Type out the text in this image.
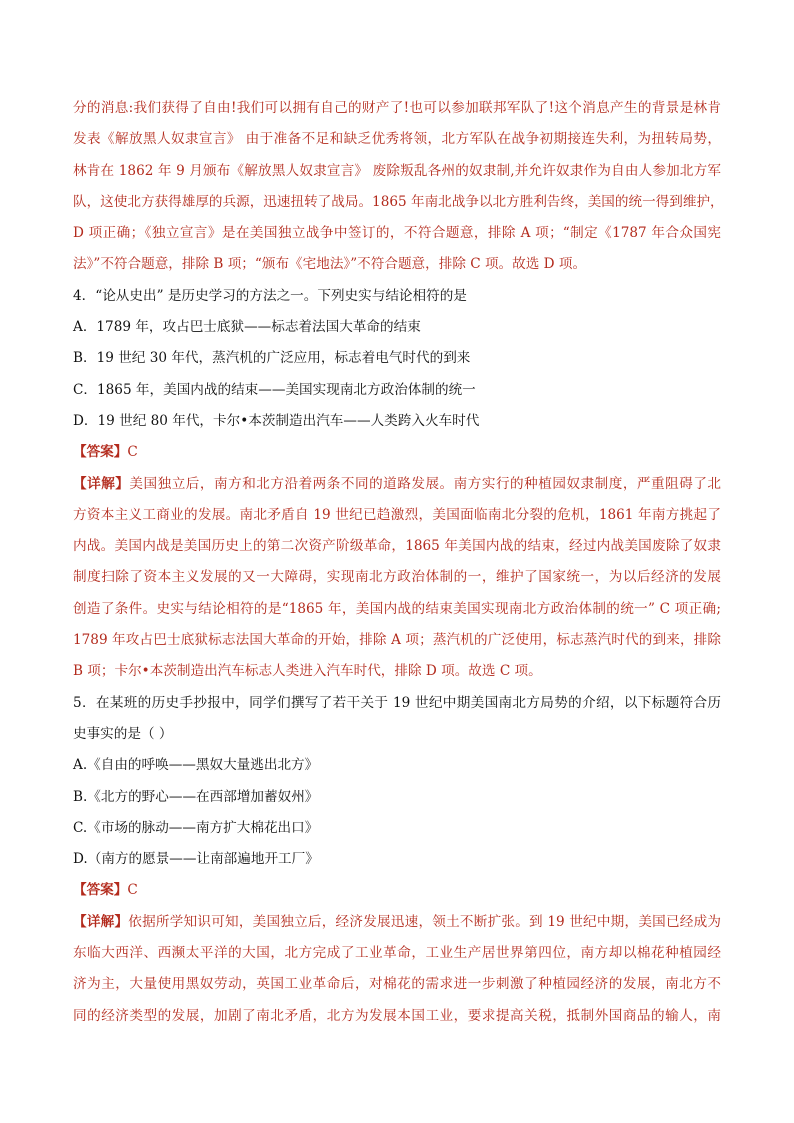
分的消息:我们获得了自由!我们可以拥有自己的财产了!也可以参加联邦军队了!这个消息产生的背景是林肯
发表《解放黑人奴隶宣言》 由于准备不足和缺乏优秀将领，北方军队在战争初期接连失利，为扭转局势，
林肯在 1862 年 9 月颁布《解放黑人奴隶宣言》 废除叛乱各州的奴隶制,并允许奴隶作为自由人参加北方军
队，这使北方获得雄厚的兵源，迅速扭转了战局。1865 年南北战争以北方胜利告终，美国的统一得到维护，
D 项正确；《独立宣言》是在美国独立战争中签订的，不符合题意，排除 A 项；“制定《1787 年合众国宪
法》”不符合题意，排除 B 项；“颁布《宅地法》”不符合题意，排除 C 项。故选 D 项。
4．“论从史出” 是历史学习的方法之一。下列史实与结论相符的是
A．1789 年，攻占巴士底狱——标志着法国大革命的结束
B．19 世纪 30 年代，蒸汽机的广泛应用，标志着电气时代的到来
C．1865 年，美国内战的结束——美国实现南北方政治体制的统一
D．19 世纪 80 年代，卡尔•本茨制造出汽车——人类跨入火车时代
【答案】C
【详解】美国独立后，南方和北方沿着两条不同的道路发展。南方实行的种植园奴隶制度，严重阻碍了北
方资本主义工商业的发展。南北矛盾自 19 世纪已趋激烈，美国面临南北分裂的危机，1861 年南方挑起了
内战。美国内战是美国历史上的第二次资产阶级革命，1865 年美国内战的结束，经过内战美国废除了奴隶
制度扫除了资本主义发展的又一大障碍，实现南北方政治体制的一，维护了国家统一，为以后经济的发展
创造了条件。史实与结论相符的是“1865 年，美国内战的结束美国实现南北方政治体制的统一” C 项正确;
1789 年攻占巴士底狱标志法国大革命的开始，排除 A 项；蒸汽机的广泛使用，标志蒸汽时代的到来，排除
B 项；卡尔•本茨制造出汽车标志人类进入汽车时代，排除 D 项。故选 C 项。
5．在某班的历史手抄报中，同学们撰写了若干关于 19 世纪中期美国南北方局势的介绍，以下标题符合历
史事实的是（ ）
A.《自由的呼唤——黑奴大量逃出北方》
B.《北方的野心——在西部增加蓄奴州》
C.《市场的脉动——南方扩大棉花出口》
D.（南方的愿景——让南部遍地开工厂》
【答案】C
【详解】依据所学知识可知，美国独立后，经济发展迅速，领土不断扩张。到 19 世纪中期，美国已经成为
东临大西洋、西濒太平洋的大国，北方完成了工业革命，工业生产居世界第四位，南方却以棉花种植园经
济为主，大量使用黑奴劳动，英国工业革命后，对棉花的需求进一步刺激了种植园经济的发展，南北方不
同的经济类型的发展，加剧了南北矛盾，北方为发展本国工业，要求提高关税，抵制外国商品的输人，南
